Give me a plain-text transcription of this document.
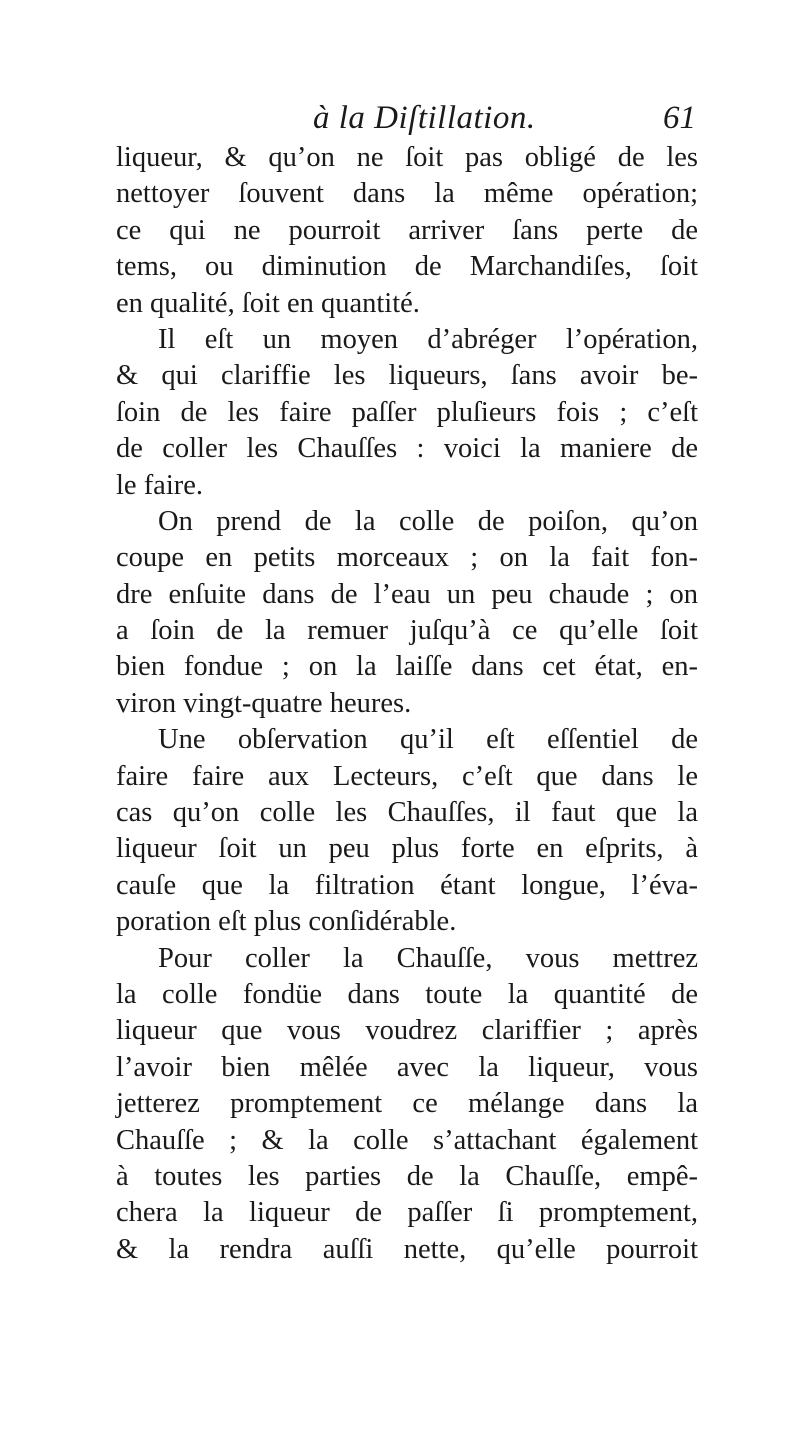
à la Diſtillation.	61
liqueur, & qu’on ne ſoit pas obligé de les
nettoyer ſouvent dans la même opération;
ce qui ne pourroit arriver ſans perte de
tems, ou diminution de Marchandiſes, ſoit
en qualité, ſoit en quantité.
Il eſt un moyen d’abréger l’opération,
& qui clariffie les liqueurs, ſans avoir be-
ſoin de les faire paſſer pluſieurs fois ; c’eſt
de coller les Chauſſes : voici la maniere de
le faire.
On prend de la colle de poiſon, qu’on
coupe en petits morceaux ; on la fait fon-
dre enſuite dans de l’eau un peu chaude ; on
a ſoin de la remuer juſqu’à ce qu’elle ſoit
bien fondue ; on la laiſſe dans cet état, en-
viron vingt-quatre heures.
Une obſervation qu’il eſt eſſentiel de
faire faire aux Lecteurs, c’eſt que dans le
cas qu’on colle les Chauſſes, il faut que la
liqueur ſoit un peu plus forte en eſprits, à
cauſe que la filtration étant longue, l’éva-
poration eſt plus conſidérable.
Pour coller la Chauſſe, vous mettrez
la colle fondüe dans toute la quantité de
liqueur que vous voudrez clariffier ; après
l’avoir bien mêlée avec la liqueur, vous
jetterez promptement ce mélange dans la
Chauſſe ; & la colle s’attachant également
à toutes les parties de la Chauſſe, empê-
chera la liqueur de paſſer ſi promptement,
& la rendra auſſi nette, qu’elle pourroit
